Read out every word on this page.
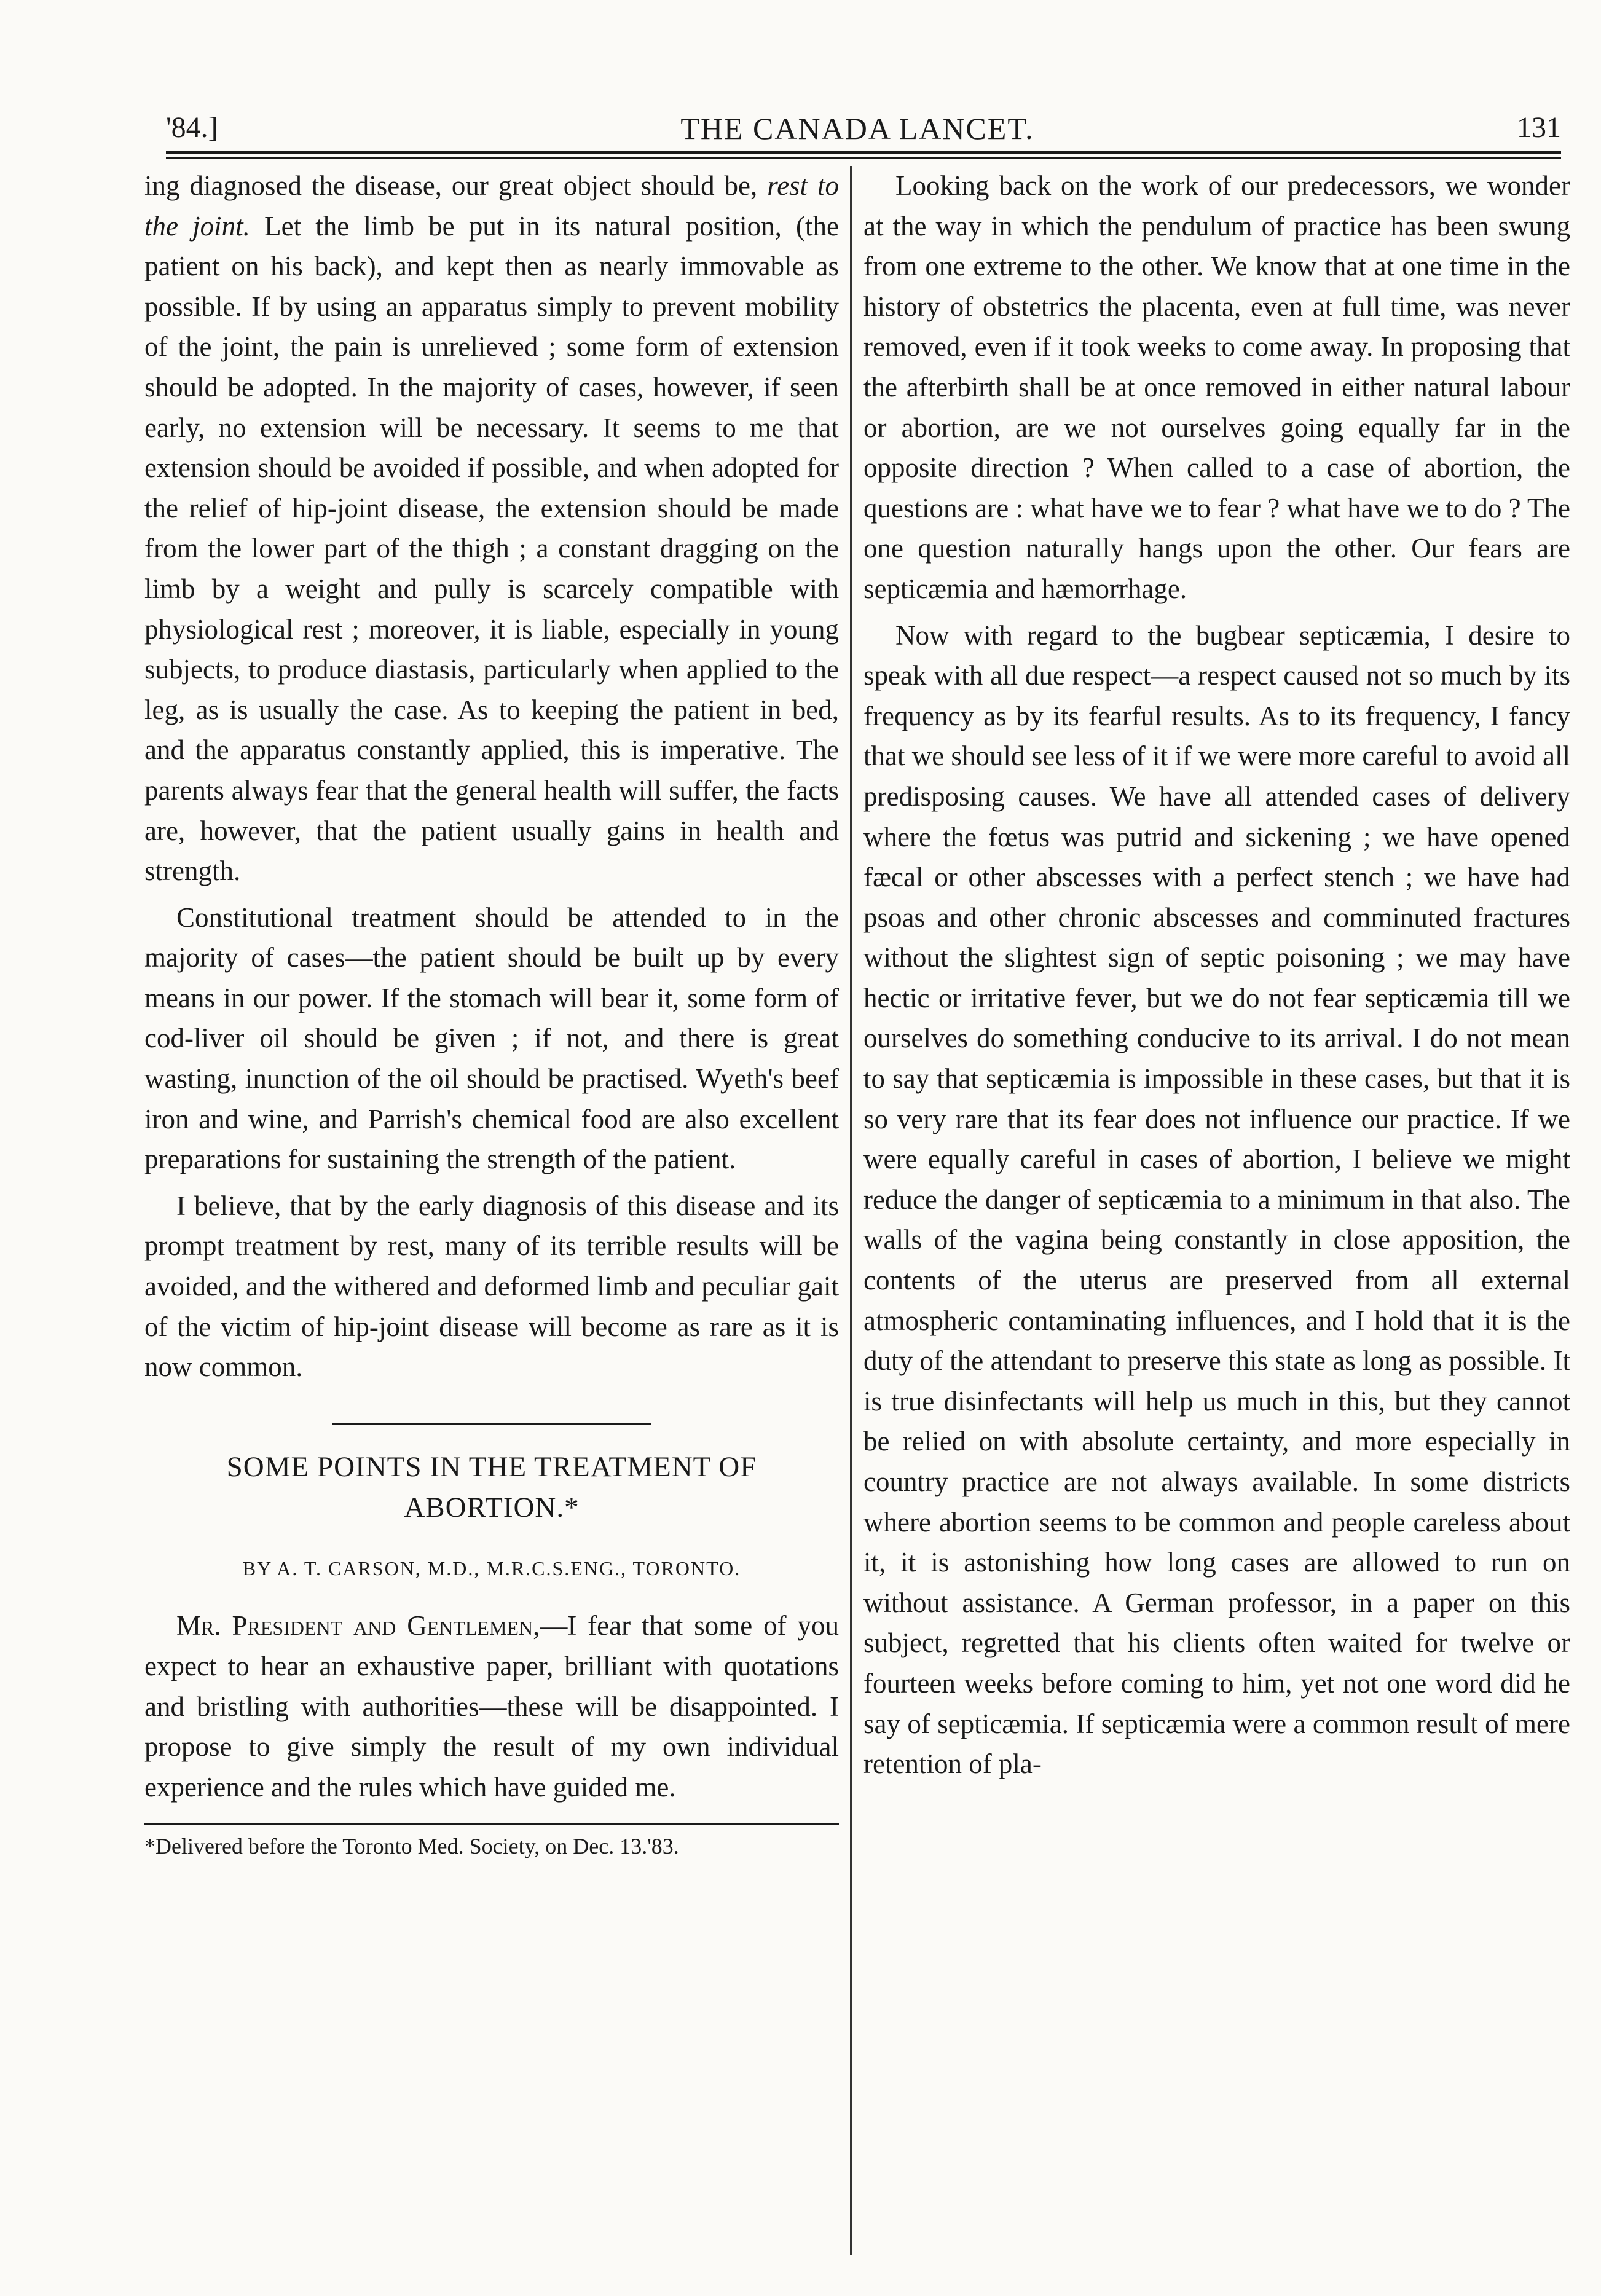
'84.]	THE CANADA LANCET.	131

ing diagnosed the disease, our great object should be, rest to the joint. Let the limb be put in its natural position, (the patient on his back), and kept then as nearly immovable as possible. If by using an apparatus simply to prevent mobility of the joint, the pain is unrelieved ; some form of extension should be adopted. In the majority of cases, however, if seen early, no extension will be necessary. It seems to me that extension should be avoided if possible, and when adopted for the relief of hip-joint disease, the extension should be made from the lower part of the thigh ; a constant dragging on the limb by a weight and pully is scarcely compatible with physiological rest ; moreover, it is liable, especially in young subjects, to produce diastasis, particularly when applied to the leg, as is usually the case. As to keeping the patient in bed, and the apparatus constantly applied, this is imperative. The parents always fear that the general health will suffer, the facts are, however, that the patient usually gains in health and strength.

Constitutional treatment should be attended to in the majority of cases—the patient should be built up by every means in our power. If the stomach will bear it, some form of cod-liver oil should be given ; if not, and there is great wasting, inunction of the oil should be practised. Wyeth's beef iron and wine, and Parrish's chemical food are also excellent preparations for sustaining the strength of the patient.

I believe, that by the early diagnosis of this disease and its prompt treatment by rest, many of its terrible results will be avoided, and the withered and deformed limb and peculiar gait of the victim of hip-joint disease will become as rare as it is now common.

SOME POINTS IN THE TREATMENT OF
ABORTION.*
BY A. T. CARSON, M.D., M.R.C.S.ENG., TORONTO.

Mr. President and Gentlemen,—I fear that some of you expect to hear an exhaustive paper, brilliant with quotations and bristling with authorities—these will be disappointed. I propose to give simply the result of my own individual experience and the rules which have guided me.

*Delivered before the Toronto Med. Society, on Dec. 13.'83.

Looking back on the work of our predecessors, we wonder at the way in which the pendulum of practice has been swung from one extreme to the other. We know that at one time in the history of obstetrics the placenta, even at full time, was never removed, even if it took weeks to come away. In proposing that the afterbirth shall be at once removed in either natural labour or abortion, are we not ourselves going equally far in the opposite direction ? When called to a case of abortion, the questions are : what have we to fear ? what have we to do ? The one question naturally hangs upon the other. Our fears are septicæmia and hæmorrhage.

Now with regard to the bugbear septicæmia, I desire to speak with all due respect—a respect caused not so much by its frequency as by its fearful results. As to its frequency, I fancy that we should see less of it if we were more careful to avoid all predisposing causes. We have all attended cases of delivery where the fœtus was putrid and sickening ; we have opened fæcal or other abscesses with a perfect stench ; we have had psoas and other chronic abscesses and comminuted fractures without the slightest sign of septic poisoning ; we may have hectic or irritative fever, but we do not fear septicæmia till we ourselves do something conducive to its arrival. I do not mean to say that septicæmia is impossible in these cases, but that it is so very rare that its fear does not influence our practice. If we were equally careful in cases of abortion, I believe we might reduce the danger of septicæmia to a minimum in that also. The walls of the vagina being constantly in close apposition, the contents of the uterus are preserved from all external atmospheric contaminating influences, and I hold that it is the duty of the attendant to preserve this state as long as possible. It is true disinfectants will help us much in this, but they cannot be relied on with absolute certainty, and more especially in country practice are not always available. In some districts where abortion seems to be common and people careless about it, it is astonishing how long cases are allowed to run on without assistance. A German professor, in a paper on this subject, regretted that his clients often waited for twelve or fourteen weeks before coming to him, yet not one word did he say of septicæmia. If septicæmia were a common result of mere retention of pla-
